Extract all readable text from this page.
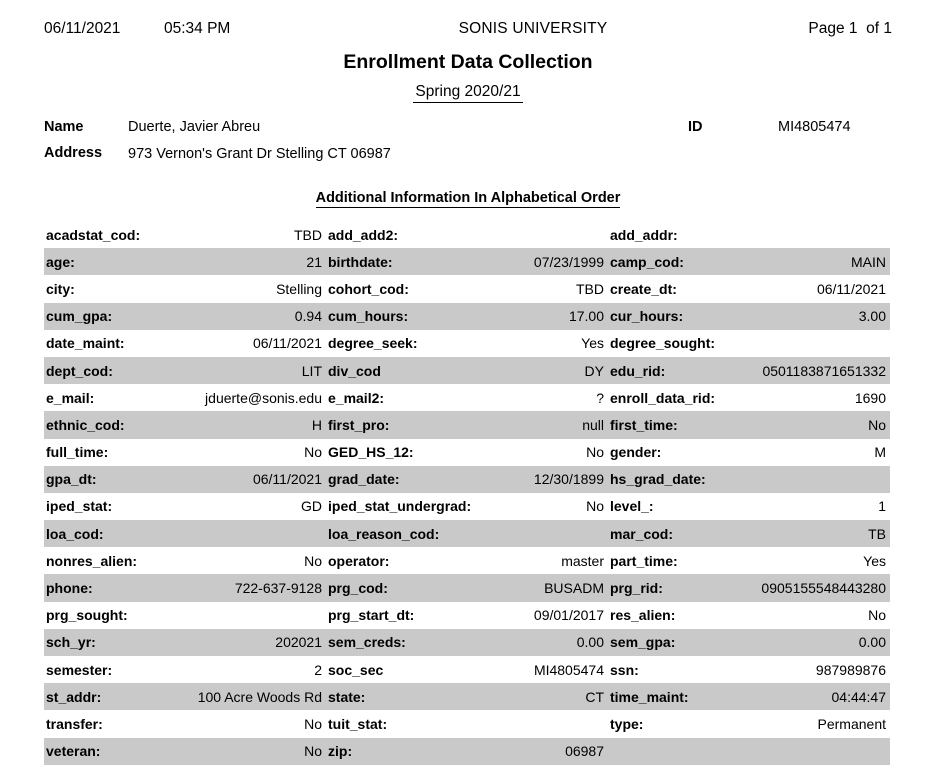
06/11/2021	05:34 PM	SONIS UNIVERSITY	Page 1  of 1
Enrollment Data Collection
Spring 2020/21
Name	Duerte, Javier Abreu
Address 973 Vernon's Grant Dr Stelling CT 06987
ID	MI4805474
Additional Information In Alphabetical Order
acadstat_cod:	TBD	add_add2:		add_addr:	
age:	21	birthdate:	07/23/1999	camp_cod:	MAIN
city:	Stelling	cohort_cod:	TBD	create_dt:	06/11/2021
cum_gpa:	0.94	cum_hours:	17.00	cur_hours:	3.00
date_maint:	06/11/2021	degree_seek:	Yes	degree_sought:	
dept_cod:	LIT	div_cod	DY	edu_rid:	0501183871651332
e_mail:	jduerte@sonis.edu	e_mail2:	?	enroll_data_rid:	1690
ethnic_cod:	H	first_pro:	null	first_time:	No
full_time:	No	GED_HS_12:	No	gender:	M
gpa_dt:	06/11/2021	grad_date:	12/30/1899	hs_grad_date:	
iped_stat:	GD	iped_stat_undergrad:	No	level_:	1
loa_cod:		loa_reason_cod:		mar_cod:	TB
nonres_alien:	No	operator:	master	part_time:	Yes
phone:	722-637-9128	prg_cod:	BUSADM	prg_rid:	0905155548443280
prg_sought:		prg_start_dt:	09/01/2017	res_alien:	No
sch_yr:	202021	sem_creds:	0.00	sem_gpa:	0.00
semester:	2	soc_sec	MI4805474	ssn:	987989876
st_addr:	100 Acre Woods Rd	state:	CT	time_maint:	04:44:47
transfer:	No	tuit_stat:		type:	Permanent
veteran:	No	zip:	06987		
